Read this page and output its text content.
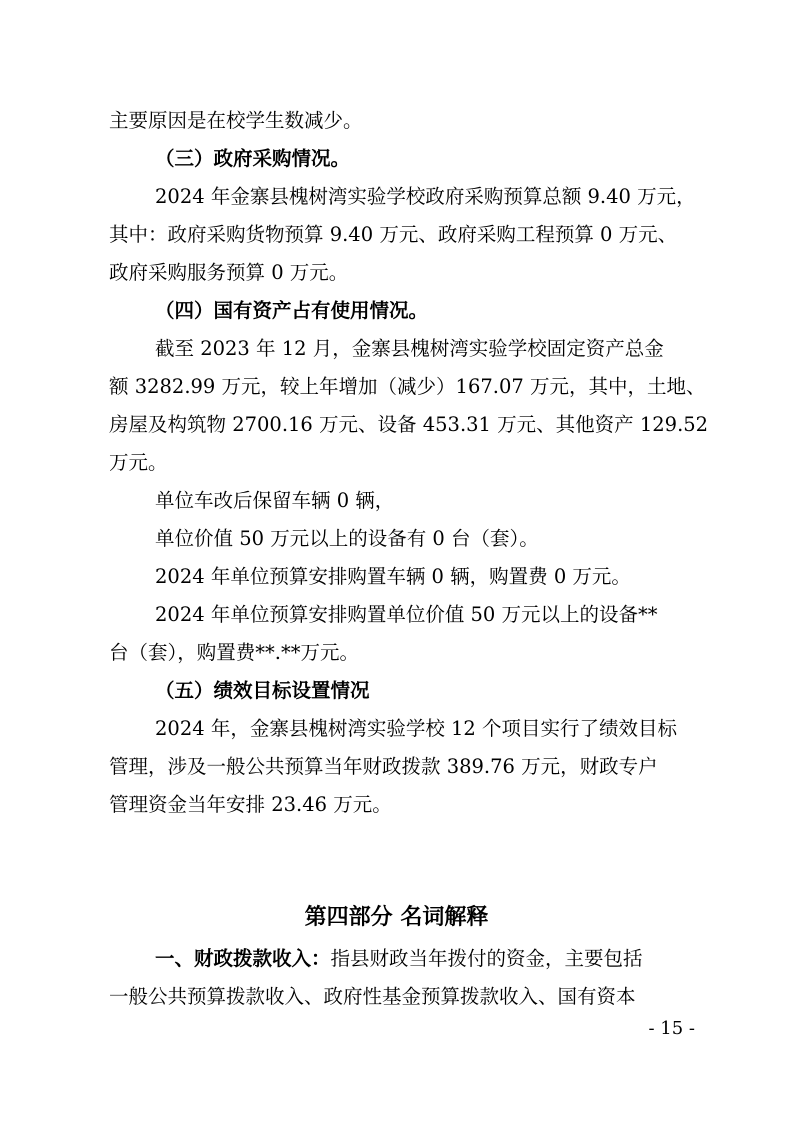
主要原因是在校学生数减少。
（三）政府采购情况。
2024 年金寨县槐树湾实验学校政府采购预算总额 9.40 万元，
其中：政府采购货物预算 9.40 万元、政府采购工程预算 0 万元、
政府采购服务预算 0 万元。
（四）国有资产占有使用情况。
截至 2023 年 12 月，金寨县槐树湾实验学校固定资产总金
额 3282.99 万元，较上年增加（减少）167.07 万元，其中，土地、
房屋及构筑物 2700.16 万元、设备 453.31 万元、其他资产 129.52
万元。
单位车改后保留车辆 0 辆，
单位价值 50 万元以上的设备有 0 台（套）。
2024 年单位预算安排购置车辆 0 辆，购置费 0 万元。
2024 年单位预算安排购置单位价值 50 万元以上的设备**
台（套），购置费**.**万元。
（五）绩效目标设置情况
2024 年，金寨县槐树湾实验学校 12 个项目实行了绩效目标
管理，涉及一般公共预算当年财政拨款 389.76 万元，财政专户
管理资金当年安排 23.46 万元。
第四部分 名词解释
一、财政拨款收入：指县财政当年拨付的资金，主要包括
一般公共预算拨款收入、政府性基金预算拨款收入、国有资本
- 15 -
